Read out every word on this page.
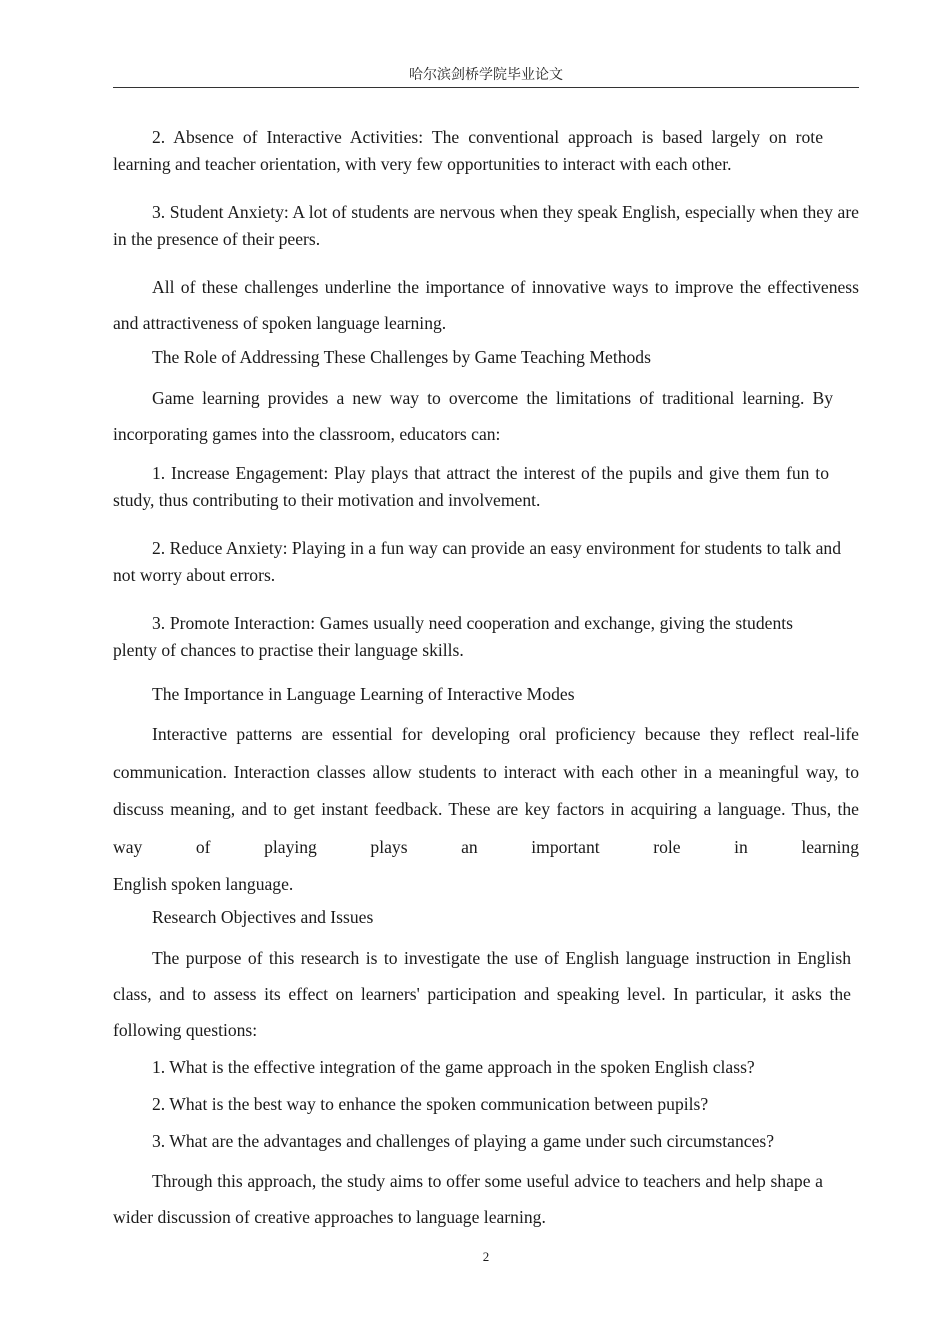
哈尔滨剑桥学院毕业论文

2. Absence of Interactive Activities: The conventional approach is based largely on rote learning and teacher orientation, with very few opportunities to interact with each other.

3. Student Anxiety: A lot of students are nervous when they speak English, especially when they are in the presence of their peers.

All of these challenges underline the importance of innovative ways to improve the effectiveness and attractiveness of spoken language learning.

The Role of Addressing These Challenges by Game Teaching Methods

Game learning provides a new way to overcome the limitations of traditional learning. By incorporating games into the classroom, educators can:

1. Increase Engagement: Play plays that attract the interest of the pupils and give them fun to study, thus contributing to their motivation and involvement.

2. Reduce Anxiety: Playing in a fun way can provide an easy environment for students to talk and not worry about errors.

3. Promote Interaction: Games usually need cooperation and exchange, giving the students plenty of chances to practise their language skills.

The Importance in Language Learning of Interactive Modes

Interactive patterns are essential for developing oral proficiency because they reflect real-life communication. Interaction classes allow students to interact with each other in a meaningful way, to discuss meaning, and to get instant feedback. These are key factors in acquiring a language. Thus, the way of playing plays an important role in learning

English spoken language.

Research Objectives and Issues

The purpose of this research is to investigate the use of English language instruction in English class, and to assess its effect on learners' participation and speaking level. In particular, it asks the following questions:

1. What is the effective integration of the game approach in the spoken English class?

2. What is the best way to enhance the spoken communication between pupils?

3. What are the advantages and challenges of playing a game under such circumstances?

Through this approach, the study aims to offer some useful advice to teachers and help shape a wider discussion of creative approaches to language learning.

2
